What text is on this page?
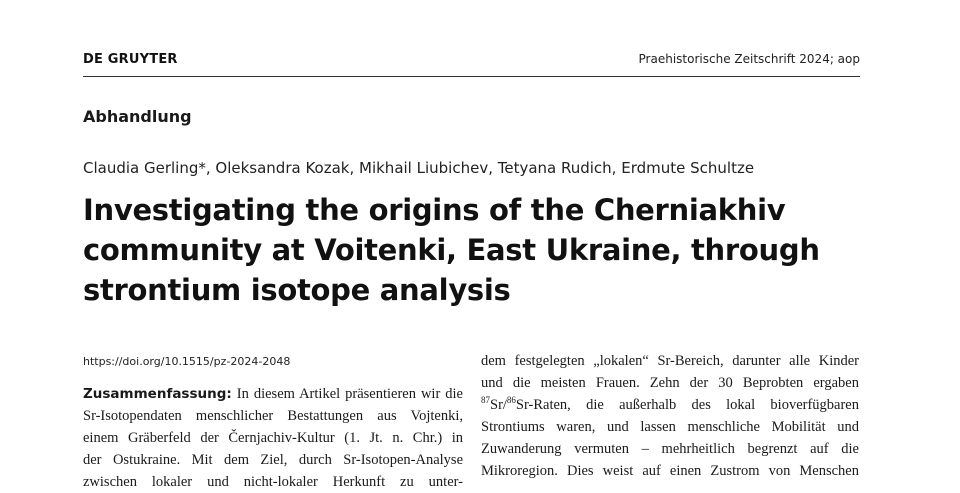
DE GRUYTER	Praehistorische Zeitschrift 2024; aop
Abhandlung
Claudia Gerling*, Oleksandra Kozak, Mikhail Liubichev, Tetyana Rudich, Erdmute Schultze
Investigating the origins of the Cherniakhiv
community at Voitenki, East Ukraine, through
strontium isotope analysis
https://doi.org/10.1515/pz-2024-2048
Zusammenfassung: In diesem Artikel präsentieren wir die
Sr-Isotopendaten menschlicher Bestattungen aus Vojtenki,
einem Gräberfeld der Černjachiv-Kultur (1. Jt. n. Chr.) in
der Ostukraine. Mit dem Ziel, durch Sr-Isotopen-Analyse
zwischen lokaler und nicht-lokaler Herkunft zu unter-
dem festgelegten „lokalen“ Sr-Bereich, darunter alle Kinder
und die meisten Frauen. Zehn der 30 Beprobten ergaben
$^{87}$Sr/$^{86}$Sr-Raten, die außerhalb des lokal bioverfügbaren
Strontiums waren, und lassen menschliche Mobilität und
Zuwanderung vermuten – mehrheitlich begrenzt auf die
Mikroregion. Dies weist auf einen Zustrom von Menschen
